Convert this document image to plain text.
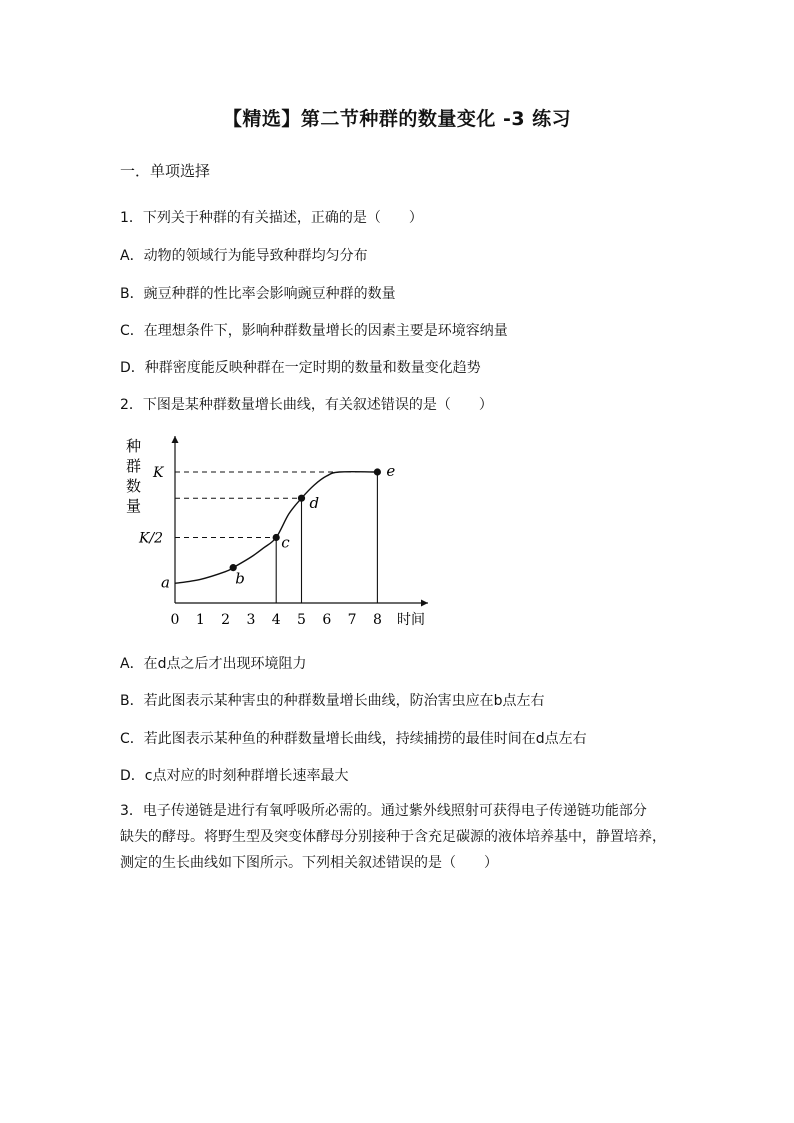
【精选】第二节种群的数量变化 -3 练习
一．单项选择
1．下列关于种群的有关描述，正确的是（　　）
A．动物的领域行为能导致种群均匀分布
B．豌豆种群的性比率会影响豌豆种群的数量
C．在理想条件下，影响种群数量增长的因素主要是环境容纳量
D．种群密度能反映种群在一定时期的数量和数量变化趋势
2．下图是某种群数量增长曲线，有关叙述错误的是（　　）
种
群
数
量
0 1 2 3 4 5 6 7 8 时间
K
K/2
a	b
c
d
e
A．在d点之后才出现环境阻力
B．若此图表示某种害虫的种群数量增长曲线，防治害虫应在b点左右
C．若此图表示某种鱼的种群数量增长曲线，持续捕捞的最佳时间在d点左右
D．c点对应的时刻种群增长速率最大
3．电子传递链是进行有氧呼吸所必需的。通过紫外线照射可获得电子传递链功能部分
缺失的酵母。将野生型及突变体酵母分别接种于含充足碳源的液体培养基中，静置培养，
测定的生长曲线如下图所示。下列相关叙述错误的是（　　）
